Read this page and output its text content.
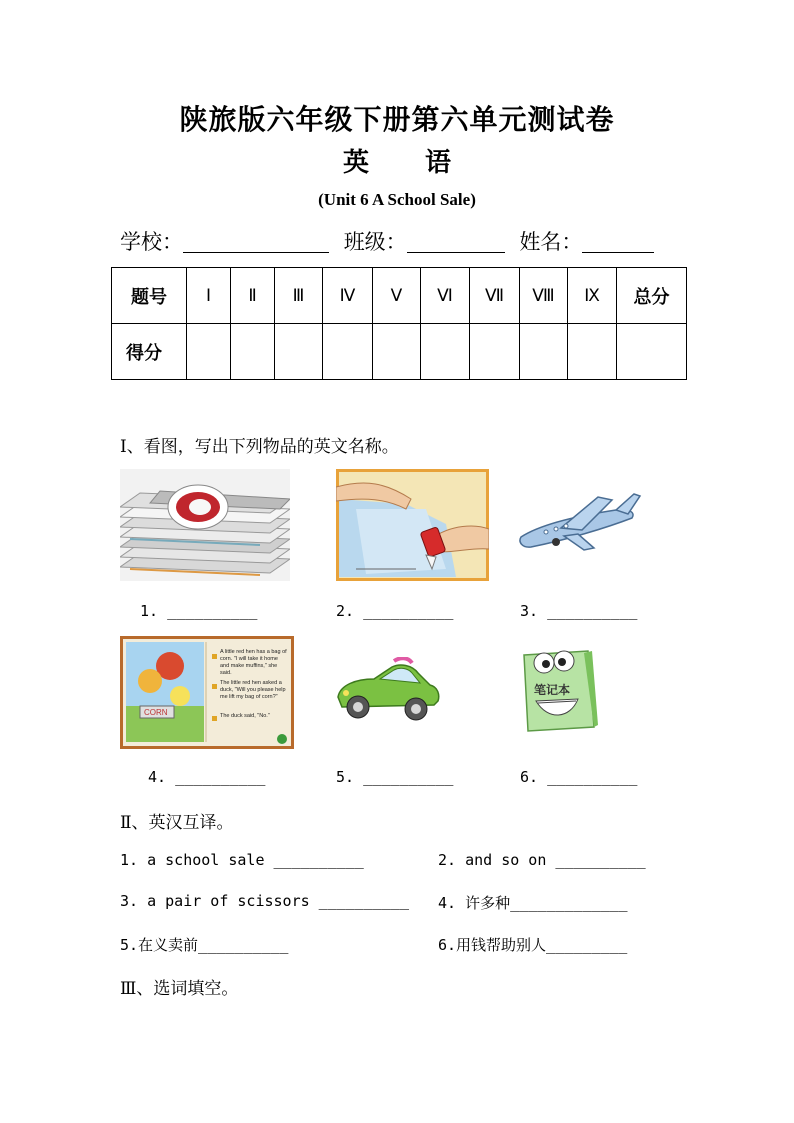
陕旅版六年级下册第六单元测试卷
英 语
(Unit 6 A School Sale)
学校：	班级：	姓名：
题号	Ⅰ	Ⅱ	Ⅲ	Ⅳ	Ⅴ	Ⅵ	Ⅶ	Ⅷ	Ⅸ	总分
得分										
Ⅰ、看图，写出下列物品的英文名称。
1. __________	2. __________	3. __________
CORN
A little red hen has a bag of corn. "I will take it home and make muffins," she said.
The little red hen asked a duck, "Will you please help me lift my bag of corn?"
The duck said, "No."
4. __________	5. __________
笔记本
6. __________
Ⅱ、英汉互译。
1. a school sale __________	2. and so on __________
3. a pair of scissors __________ 4. 许多种_____________
5.在义卖前__________	6.用钱帮助别人_________
Ⅲ、选词填空。
